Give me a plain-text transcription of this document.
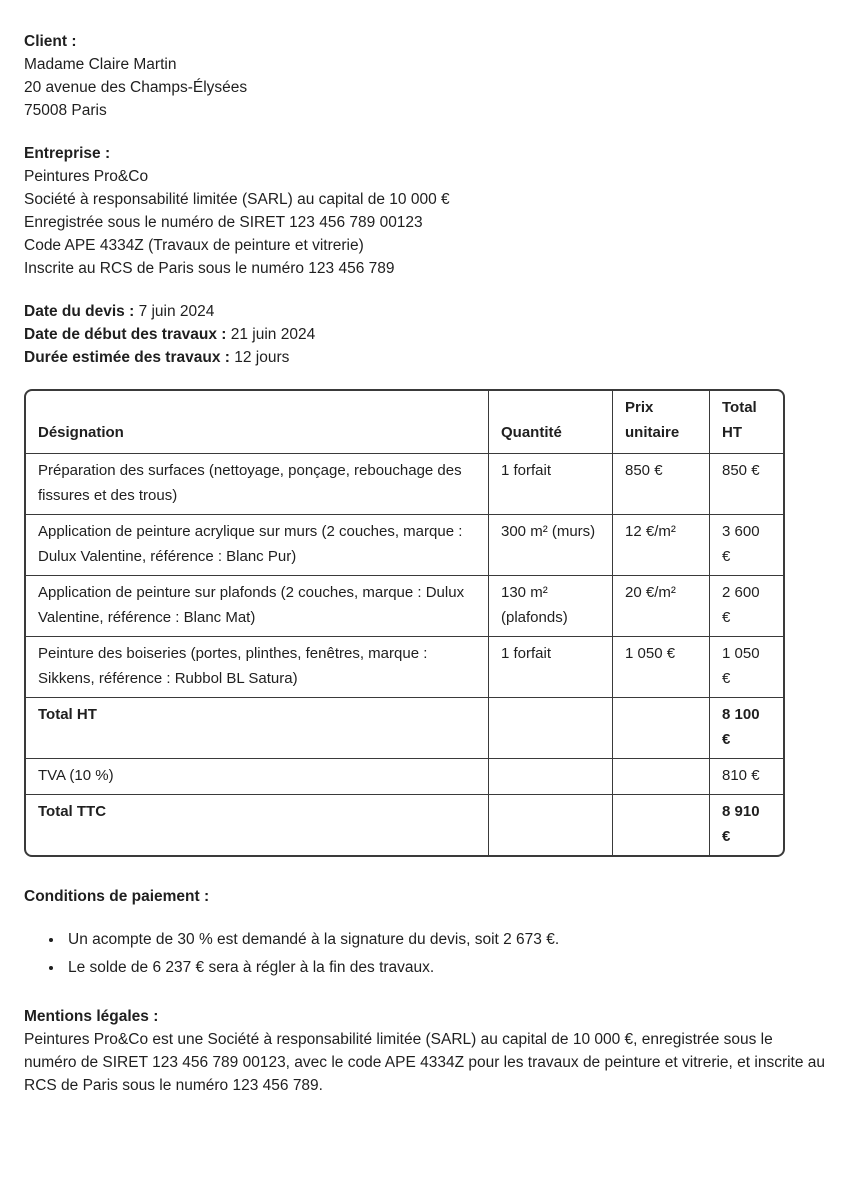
Client :
Madame Claire Martin
20 avenue des Champs-Élysées
75008 Paris

Entreprise :
Peintures Pro&Co
Société à responsabilité limitée (SARL) au capital de 10 000 €
Enregistrée sous le numéro de SIRET 123 456 789 00123
Code APE 4334Z (Travaux de peinture et vitrerie)
Inscrite au RCS de Paris sous le numéro 123 456 789

Date du devis : 7 juin 2024
Date de début des travaux : 21 juin 2024
Durée estimée des travaux : 12 jours

Désignation	Quantité	Prix unitaire	Total HT
Préparation des surfaces (nettoyage, ponçage, rebouchage des fissures et des trous)	1 forfait	850 €	850 €
Application de peinture acrylique sur murs (2 couches, marque : Dulux Valentine, référence : Blanc Pur)	300 m² (murs)	12 €/m²	3 600 €
Application de peinture sur plafonds (2 couches, marque : Dulux Valentine, référence : Blanc Mat)	130 m² (plafonds)	20 €/m²	2 600 €
Peinture des boiseries (portes, plinthes, fenêtres, marque : Sikkens, référence : Rubbol BL Satura)	1 forfait	1 050 €	1 050 €
Total HT			8 100 €
TVA (10 %)			810 €
Total TTC			8 910 €

Conditions de paiement :

• Un acompte de 30 % est demandé à la signature du devis, soit 2 673 €.
• Le solde de 6 237 € sera à régler à la fin des travaux.

Mentions légales :
Peintures Pro&Co est une Société à responsabilité limitée (SARL) au capital de 10 000 €, enregistrée sous le numéro de SIRET 123 456 789 00123, avec le code APE 4334Z pour les travaux de peinture et vitrerie, et inscrite au RCS de Paris sous le numéro 123 456 789.
